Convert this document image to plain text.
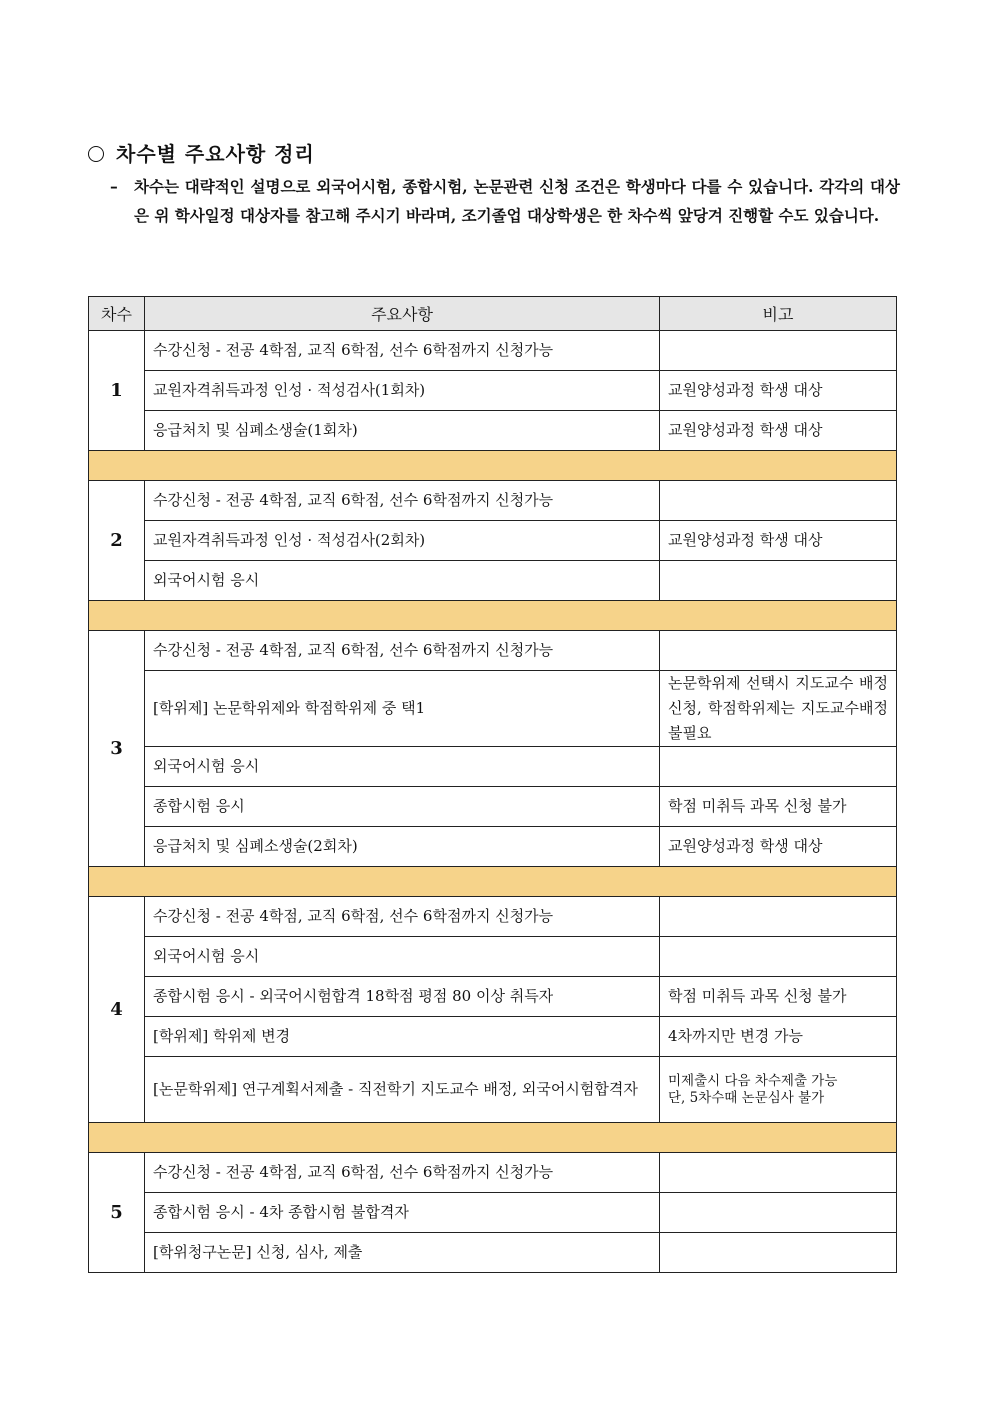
차수별 주요사항 정리
–	차수는 대략적인 설명으로 외국어시험, 종합시험, 논문관련 신청 조건은 학생마다 다를 수 있습니다. 각각의 대상은 위 학사일정 대상자를 참고해 주시기 바라며, 조기졸업 대상학생은 한 차수씩 앞당겨 진행할 수도 있습니다.
차수	주요사항	비고
1	수강신청 - 전공 4학점, 교직 6학점, 선수 6학점까지 신청가능	
	교원자격취득과정 인성 · 적성검사(1회차)	교원양성과정 학생 대상
	응급처치 및 심폐소생술(1회차)	교원양성과정 학생 대상

2	수강신청 - 전공 4학점, 교직 6학점, 선수 6학점까지 신청가능	
	교원자격취득과정 인성 · 적성검사(2회차)	교원양성과정 학생 대상
	외국어시험 응시	

3	수강신청 - 전공 4학점, 교직 6학점, 선수 6학점까지 신청가능	
	[학위제] 논문학위제와 학점학위제 중 택1	논문학위제 선택시 지도교수 배정신청, 학점학위제는 지도교수배정 불필요
	외국어시험 응시	
	종합시험 응시	학점 미취득 과목 신청 불가
	응급처치 및 심폐소생술(2회차)	교원양성과정 학생 대상

4	수강신청 - 전공 4학점, 교직 6학점, 선수 6학점까지 신청가능	
	외국어시험 응시	
	종합시험 응시 - 외국어시험합격 18학점 평점 80 이상 취득자	학점 미취득 과목 신청 불가
	[학위제] 학위제 변경	4차까지만 변경 가능
	[논문학위제] 연구계획서제출 - 직전학기 지도교수 배정, 외국어시험합격자	미제출시 다음 차수제출 가능
단, 5차수때 논문심사 불가

5	수강신청 - 전공 4학점, 교직 6학점, 선수 6학점까지 신청가능	
	종합시험 응시 - 4차 종합시험 불합격자	
	[학위청구논문] 신청, 심사, 제출	
